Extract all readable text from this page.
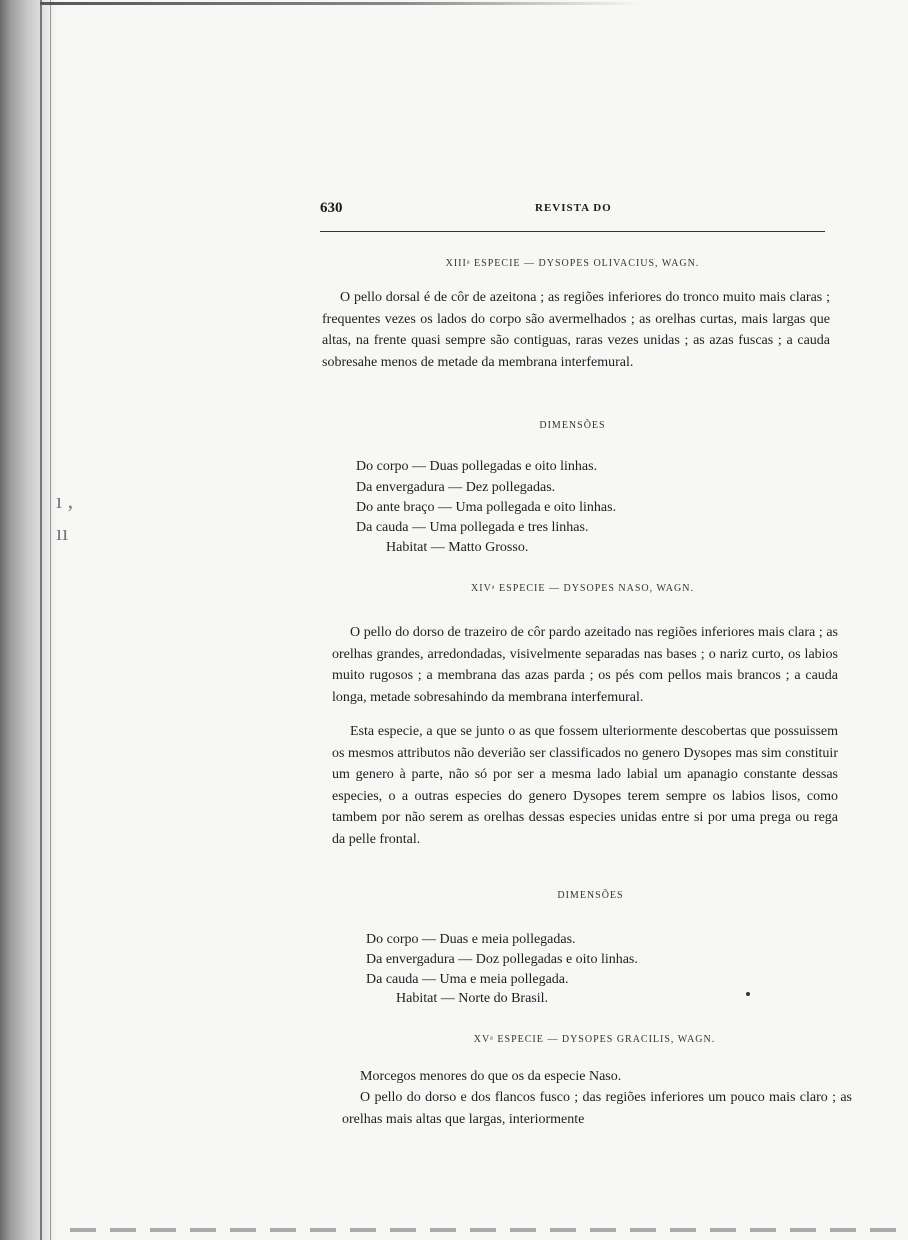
ı ,
ıı
630	REVISTA DO
XIIIᵃ ESPECIE — DYSOPES OLIVACIUS, WAGN.

O pello dorsal é de côr de azeitona ; as regiões inferiores do tronco muito mais claras ; frequentes vezes os lados do corpo são avermelhados ; as orelhas curtas, mais largas que altas, na frente quasi sempre são contiguas, raras vezes unidas ; as azas fuscas ; a cauda sobresahe menos de metade da membrana interfemural.

DIMENSÕES
Do corpo — Duas pollegadas e oito linhas.
Da envergadura — Dez pollegadas.
Do ante braço — Uma pollegada e oito linhas.
Da cauda — Uma pollegada e tres linhas.
Habitat — Matto Grosso.
XIVᵃ ESPECIE — DYSOPES NASO, WAGN.

O pello do dorso de trazeiro de côr pardo azeitado nas regiões inferiores mais clara ; as orelhas grandes, arredondadas, visivelmente separadas nas bases ; o nariz curto, os labios muito rugosos ; a membrana das azas parda ; os pés com pellos mais brancos ; a cauda longa, metade sobresahindo da membrana interfemural.

Esta especie, a que se junto o as que fossem ulteriormente descobertas que possuissem os mesmos attributos não deverião ser classificados no genero Dysopes mas sim constituir um genero à parte, não só por ser a mesma lado labial um apanagio constante dessas especies, o a outras especies do genero Dysopes terem sempre os labios lisos, como tambem por não serem as orelhas dessas especies unidas entre si por uma prega ou rega da pelle frontal.

DIMENSÕES
Do corpo — Duas e meia pollegadas.
Da envergadura — Doz pollegadas e oito linhas.
Da cauda — Uma e meia pollegada.
Habitat — Norte do Brasil.
XVᵃ ESPECIE — DYSOPES GRACILIS, WAGN.

Morcegos menores do que os da especie Naso.

O pello do dorso e dos flancos fusco ; das regiões inferiores um pouco mais claro ; as orelhas mais altas que largas, interiormente
